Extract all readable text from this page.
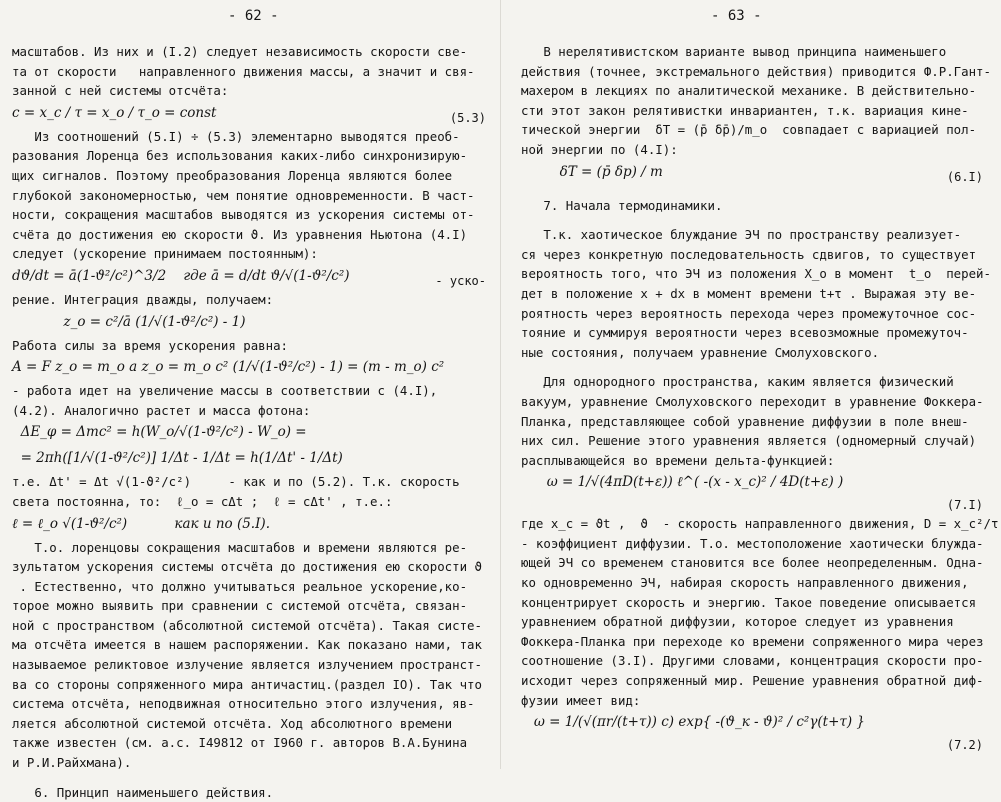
- 62 -
масштабов. Из них и (I.2) следует независимость скорости све-
та от скорости   направленного движения массы, а значит и свя-
занной с ней системы отсчёта:
c = x_c / τ = x_o / τ_o = const	(5.3)
Из соотношений (5.I) ÷ (5.3) элементарно выводятся преоб-
разования Лоренца без использования каких-либо синхронизирую-
щих сигналов. Поэтому преобразования Лоренца являются более
глубокой закономерностью, чем понятие одновременности. В част-
ности, сокращения масштабов выводятся из ускорения системы от-
счёта до достижения ею скорости ϑ. Из уравнения Ньютона (4.I)
следует (ускорение принимаем постоянным):
dϑ/dt = ā(1-ϑ²/c²)^3/2    где ā = d/dt ϑ/√(1-ϑ²/c²)	- уско-
рение. Интеграция дважды, получаем:
z_o = c²/ā (1/√(1-ϑ²/c²) - 1)
Работа силы за время ускорения равна:
A = F z_o = m_o a z_o = m_o c² (1/√(1-ϑ²/c²) - 1) = (m - m_o) c²
- работа идет на увеличение массы в соответствии с (4.I),
(4.2). Аналогично растет и масса фотона:
ΔE_φ = Δmc² = h(W_o/√(1-ϑ²/c²) - W_o) =
= 2πh([1/√(1-ϑ²/c²)] 1/Δt - 1/Δt = h(1/Δt' - 1/Δt)
т.е. Δt' = Δt √(1-ϑ²/c²)     - как и по (5.2). Т.к. скорость
света постоянна, то:  ℓ_o = cΔt ;  ℓ = cΔt' , т.е.:
ℓ = ℓ_o √(1-ϑ²/c²)           как и по (5.I).
Т.о. лоренцовы сокращения масштабов и времени являются ре-
зультатом ускорения системы отсчёта до достижения ею скорости ϑ
. Естественно, что должно учитываться реальное ускорение,ко-
торое можно выявить при сравнении с системой отсчёта, связан-
ной с пространством (абсолютной системой отсчёта). Такая систе-
ма отсчёта имеется в нашем распоряжении. Как показано нами, так
называемое реликтовое излучение является излучением пространст-
ва со стороны сопряженного мира античастиц.(раздел IO). Так что
система отсчёта, неподвижная относительно этого излучения, яв-
ляется абсолютной системой отсчёта. Ход абсолютного времени
также известен (см. а.с. I49812 от I960 г. авторов В.А.Бунина
и Р.И.Райхмана).
6. Принцип наименьшего действия.
- 63 -
В нерелятивистском варианте вывод принципа наименьшего
действия (точнее, экстремального действия) приводится Ф.Р.Гант-
махером в лекциях по аналитической механике. В действительно-
сти этот закон релятивистки инвариантен, т.к. вариация кине-
тической энергии  δT = (p̄ δp̄)/m_o  совпадает с вариацией пол-
ной энергии по (4.I):
δT = (p̄ δp) / m	(6.I)
7. Начала термодинамики.
Т.к. хаотическое блуждание ЭЧ по пространству реализует-
ся через конкретную последовательность сдвигов, то существует
вероятность того, что ЭЧ из положения X_o в момент  t_o  перей-
дет в положение x + dx в момент времени t+τ . Выражая эту ве-
роятность через вероятность перехода через промежуточное сос-
тояние и суммируя вероятности через всевозможные промежуточ-
ные состояния, получаем уравнение Смолуховского.
Для однородного пространства, каким является физический
вакуум, уравнение Смолуховского переходит в уравнение Фоккера-
Планка, представляющее собой уравнение диффузии в поле внеш-
них сил. Решение этого уравнения является (одномерный случай)
расплывающейся во времени дельта-функцией:
ω = 1/√(4πD(t+ε)) ℓ^( -(x - x_c)² / 4D(t+ε) )
(7.I)
где x_c = ϑt ,  ϑ  - скорость направленного движения, D = x_c²/τ
- коэффициент диффузии. Т.о. местоположение хаотически блужда-
ющей ЭЧ со временем становится все более неопределенным. Одна-
ко одновременно ЭЧ, набирая скорость направленного движения,
концентрирует скорость и энергию. Такое поведение описывается
уравнением обратной диффузии, которое следует из уравнения
Фоккера-Планка при переходе ко времени сопряженного мира через
соотношение (3.I). Другими словами, концентрация скорости про-
исходит через сопряженный мир. Решение уравнения обратной диф-
фузии имеет вид:
ω = 1/(√(πr/(t+τ)) c) exp{ -(ϑ_к - ϑ)² / c²γ(t+τ) }
(7.2)
